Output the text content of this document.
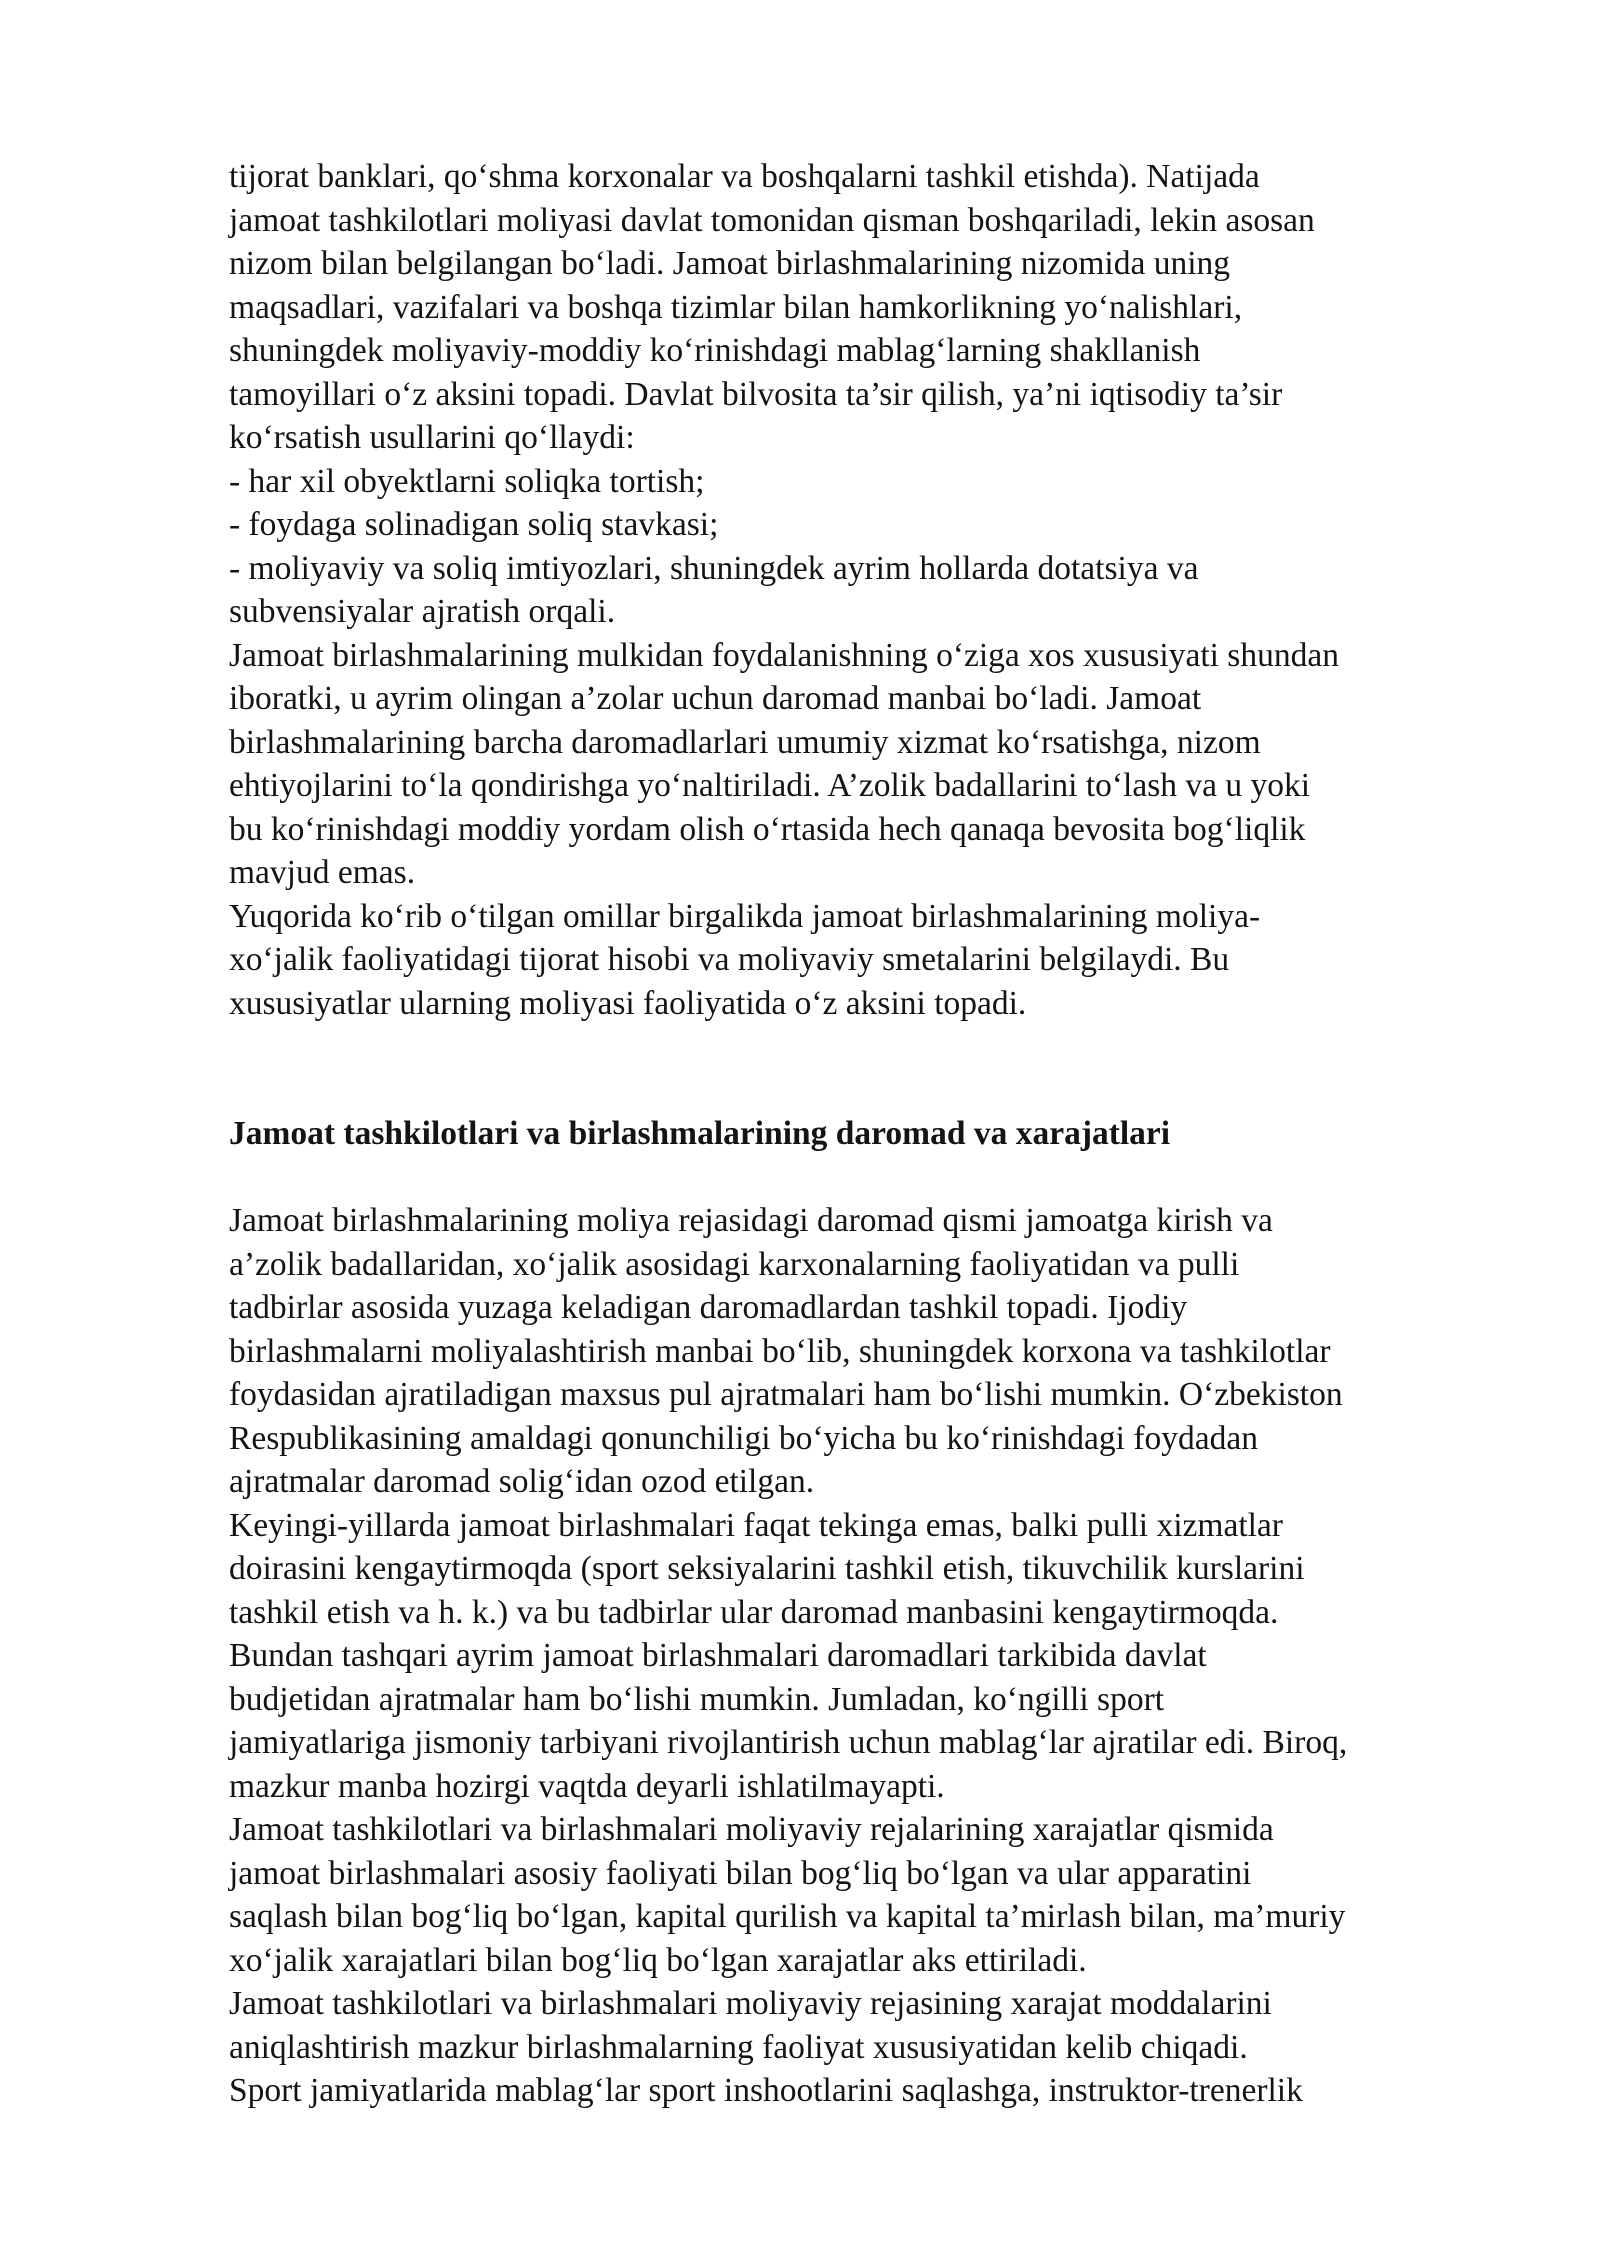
tijorat banklari, qo‘shma korxonalar va boshqalarni tashkil etishda). Natijada

jamoat tashkilotlari moliyasi davlat tomonidan qisman boshqariladi, lekin asosan

nizom bilan belgilangan bo‘ladi. Jamoat birlashmalarining nizomida uning

maqsadlari, vazifalari va boshqa tizimlar bilan hamkorlikning yo‘nalishlari,

shuningdek moliyaviy-moddiy ko‘rinishdagi mablag‘larning shakllanish

tamoyillari o‘z aksini topadi. Davlat bilvosita ta’sir qilish, ya’ni iqtisodiy ta’sir

ko‘rsatish usullarini qo‘llaydi:

- har xil obyektlarni soliqka tortish;

- foydaga solinadigan soliq stavkasi;

- moliyaviy va soliq imtiyozlari, shuningdek ayrim hollarda dotatsiya va

subvensiyalar ajratish orqali.

Jamoat birlashmalarining mulkidan foydalanishning o‘ziga xos xususiyati shundan

iboratki, u ayrim olingan a’zolar uchun daromad manbai bo‘ladi. Jamoat

birlashmalarining barcha daromadlarlari umumiy xizmat ko‘rsatishga, nizom

ehtiyojlarini to‘la qondirishga yo‘naltiriladi. A’zolik badallarini to‘lash va u yoki

bu ko‘rinishdagi moddiy yordam olish o‘rtasida hech qanaqa bevosita bog‘liqlik

mavjud emas.

Yuqorida ko‘rib o‘tilgan omillar birgalikda jamoat birlashmalarining moliya-

xo‘jalik faoliyatidagi tijorat hisobi va moliyaviy smetalarini belgilaydi. Bu

xususiyatlar ularning moliyasi faoliyatida o‘z aksini topadi.

Jamoat tashkilotlari va birlashmalarining daromad va xarajatlari

Jamoat birlashmalarining moliya rejasidagi daromad qismi jamoatga kirish va

a’zolik badallaridan, xo‘jalik asosidagi karxonalarning faoliyatidan va pulli

tadbirlar asosida yuzaga keladigan daromadlardan tashkil topadi. Ijodiy

birlashmalarni moliyalashtirish manbai bo‘lib, shuningdek korxona va tashkilotlar

foydasidan ajratiladigan maxsus pul ajratmalari ham bo‘lishi mumkin. O‘zbekiston

Respublikasining amaldagi qonunchiligi bo‘yicha bu ko‘rinishdagi foydadan

ajratmalar daromad solig‘idan ozod etilgan.

Keyingi-yillarda jamoat birlashmalari faqat tekinga emas, balki pulli xizmatlar

doirasini kengaytirmoqda (sport seksiyalarini tashkil etish, tikuvchilik kurslarini

tashkil etish va h. k.) va bu tadbirlar ular daromad manbasini kengaytirmoqda.

Bundan tashqari ayrim jamoat birlashmalari daromadlari tarkibida davlat

budjetidan ajratmalar ham bo‘lishi mumkin. Jumladan, ko‘ngilli sport

jamiyatlariga jismoniy tarbiyani rivojlantirish uchun mablag‘lar ajratilar edi. Biroq,

mazkur manba hozirgi vaqtda deyarli ishlatilmayapti.

Jamoat tashkilotlari va birlashmalari moliyaviy rejalarining xarajatlar qismida

jamoat birlashmalari asosiy faoliyati bilan bog‘liq bo‘lgan va ular apparatini

saqlash bilan bog‘liq bo‘lgan, kapital qurilish va kapital ta’mirlash bilan, ma’muriy

xo‘jalik xarajatlari bilan bog‘liq bo‘lgan xarajatlar aks ettiriladi.

Jamoat tashkilotlari va birlashmalari moliyaviy rejasining xarajat moddalarini

aniqlashtirish mazkur birlashmalarning faoliyat xususiyatidan kelib chiqadi.

Sport jamiyatlarida mablag‘lar sport inshootlarini saqlashga, instruktor-trenerlik
